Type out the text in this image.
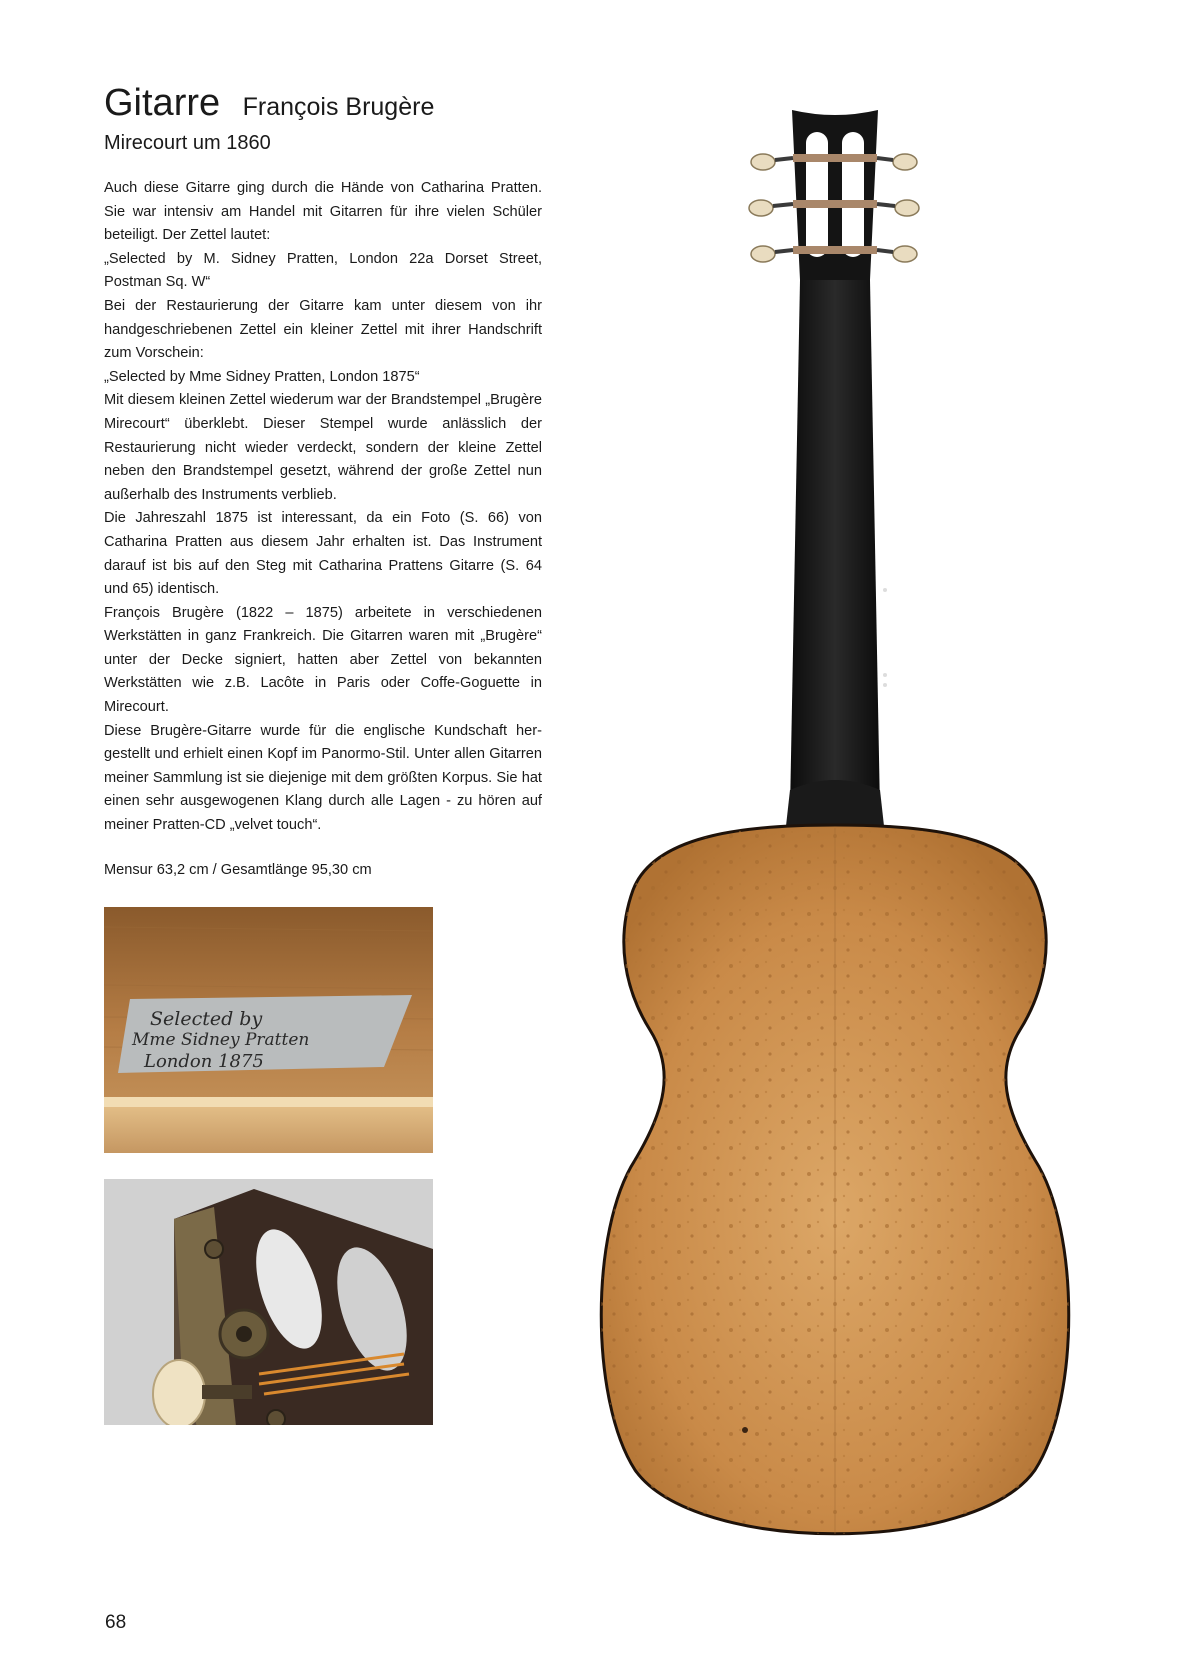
Gitarre François Brugère
Mirecourt um 1860

Auch diese Gitarre ging durch die Hände von Catharina Pratten. Sie war intensiv am Handel mit Gitarren für ihre vielen Schüler beteiligt. Der Zettel lautet:

„Selected by M. Sidney Pratten, London 22a Dorset Street, Postman Sq. W“

Bei der Restaurierung der Gitarre kam unter diesem von ihr handgeschriebenen Zettel ein kleiner Zettel mit ihrer Handschrift zum Vorschein:

„Selected by Mme Sidney Pratten, London 1875“

Mit diesem kleinen Zettel wiederum war der Brandstempel „Brugère Mirecourt“ überklebt. Dieser Stempel wurde anlässlich der Restaurierung nicht wieder verdeckt, sondern der kleine Zettel neben den Brandstempel gesetzt, während der große Zettel nun außerhalb des Instruments verblieb.

Die Jahreszahl 1875 ist interessant, da ein Foto (S. 66) von Catharina Pratten aus diesem Jahr erhalten ist. Das Instrument darauf ist bis auf den Steg mit Catharina Prattens Gitarre (S. 64 und 65) identisch.

François Brugère (1822 – 1875) arbeitete in verschiedenen Werkstätten in ganz Frankreich. Die Gitarren waren mit „Brugère“ unter der Decke signiert, hatten aber Zettel von bekannten Werkstätten wie z.B. Lacôte in Paris oder Coffe-Goguette in Mirecourt.

Diese Brugère-Gitarre wurde für die englische Kundschaft hergestellt und erhielt einen Kopf im Panormo-Stil. Unter allen Gitarren meiner Sammlung ist sie diejenige mit dem größten Korpus. Sie hat einen sehr ausgewogenen Klang durch alle Lagen - zu hören auf meiner Pratten-CD „velvet touch“.

Mensur 63,2 cm / Gesamtlänge 95,30 cm
Selected by
Mme Sidney Pratten
London 1875
68
